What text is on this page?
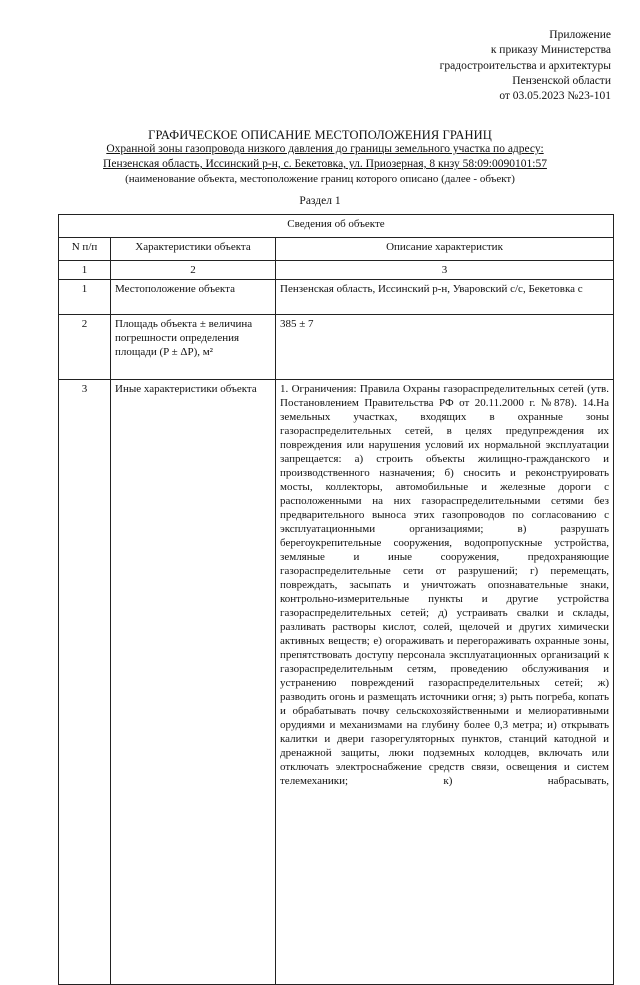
Приложение
к приказу Министерства
градостроительства и архитектуры
Пензенской области
от 03.05.2023 №23-101
ГРАФИЧЕСКОЕ ОПИСАНИЕ МЕСТОПОЛОЖЕНИЯ ГРАНИЦ
Охранной зоны газопровода низкого давления до границы земельного участка по адресу:
Пензенская область, Иссинский р-н, с. Бекетовка, ул. Приозерная, 8 кнзу 58:09:0090101:57
(наименование объекта, местоположение границ которого описано (далее - объект)
Раздел 1
Сведения об объекте		
N п/п	Характеристики объекта	Описание характеристик
1	2	3
1	Местоположение объекта	Пензенская область, Иссинский р-н, Уваровский с/с, Бекетовка с
2	Площадь объекта ± величина погрешности определения площади (P ± ΔP), м²	385 ± 7
3	Иные характеристики объекта	1. Ограничения: Правила Охраны газораспределительных сетей (утв. Постановлением Правительства РФ от 20.11.2000 г. №878). 14.На земельных участках, входящих в охранные зоны газораспределительных сетей, в целях предупреждения их повреждения или нарушения условий их нормальной эксплуатации запрещается: а) строить объекты жилищно-гражданского и производственного назначения; б) сносить и реконструировать мосты, коллекторы, автомобильные и железные дороги с расположенными на них газораспределительными сетями без предварительного выноса этих газопроводов по согласованию с эксплуатационными организациями; в) разрушать берегоукрепительные сооружения, водопропускные устройства, земляные и иные сооружения, предохраняющие газораспределительные сети от разрушений; г) перемещать, повреждать, засыпать и уничтожать опознавательные знаки, контрольно-измерительные пункты и другие устройства газораспределительных сетей; д) устраивать свалки и склады, разливать растворы кислот, солей, щелочей и других химически активных веществ; е) огораживать и перегораживать охранные зоны, препятствовать доступу персонала эксплуатационных организаций к газораспределительным сетям, проведению обслуживания и устранению повреждений газораспределительных сетей; ж) разводить огонь и размещать источники огня; з) рыть погреба, копать и обрабатывать почву сельскохозяйственными и мелиоративными орудиями и механизмами на глубину более 0,3 метра; и) открывать калитки и двери газорегуляторных пунктов, станций катодной и дренажной защиты, люки подземных колодцев, включать или отключать электроснабжение средств связи, освещения и систем телемеханики; к) набрасывать,
